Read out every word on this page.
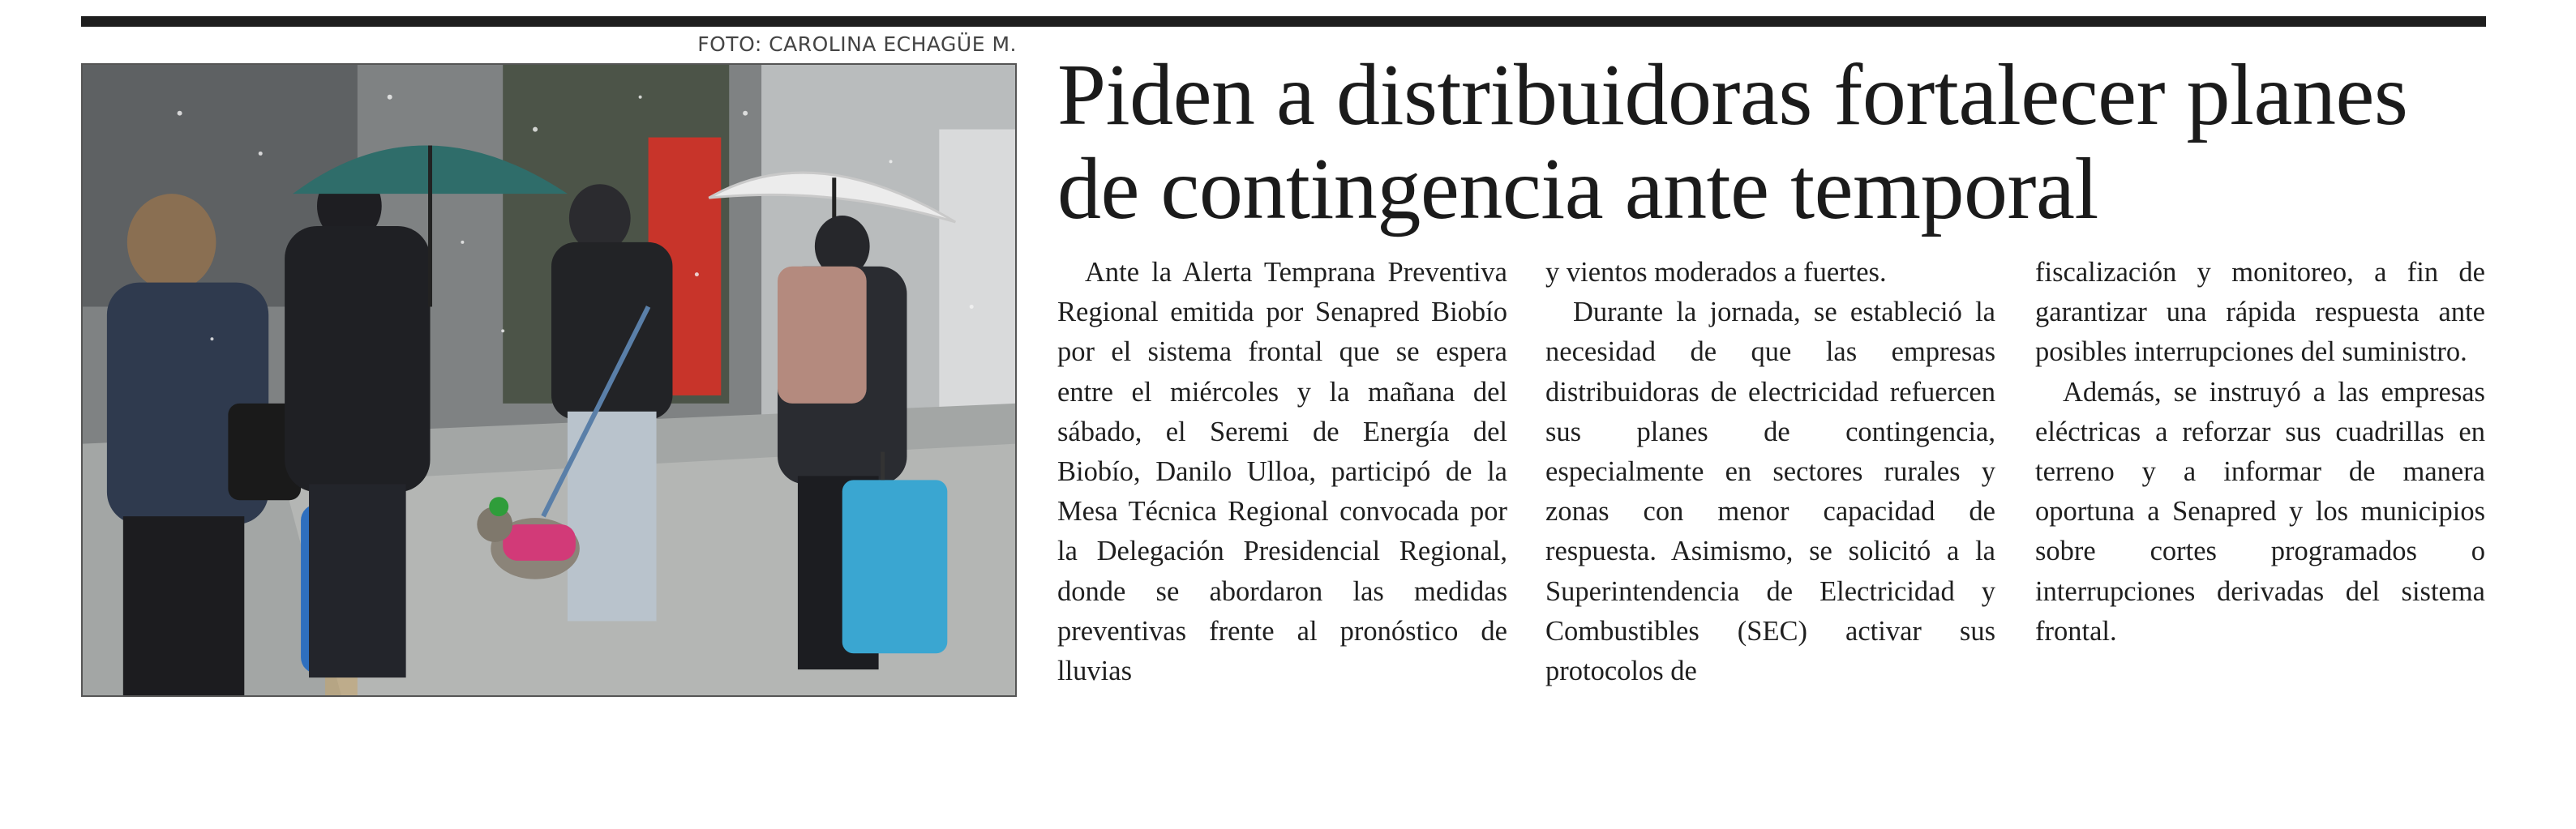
FOTO: CAROLINA ECHAGÜE M.
Piden a distribuidoras fortalecer planes de contingencia ante temporal

Ante la Alerta Temprana Preventiva Regional emitida por Senapred Biobío por el sistema frontal que se espera entre el miércoles y la mañana del sábado, el Seremi de Energía del Biobío, Danilo Ulloa, participó de la Mesa Técnica Regional convocada por la Delegación Presidencial Regional, donde se abordaron las medidas preventivas frente al pronóstico de lluvias

y vientos moderados a fuertes.

Durante la jornada, se estableció la necesidad de que las empresas distribuidoras de electricidad refuercen sus planes de contingencia, especialmente en sectores rurales y zonas con menor capacidad de respuesta. Asimismo, se solicitó a la Superintendencia de Electricidad y Combustibles (SEC) activar sus protocolos de

fiscalización y monitoreo, a fin de garantizar una rápida respuesta ante posibles interrupciones del suministro.

Además, se instruyó a las empresas eléctricas a reforzar sus cuadrillas en terreno y a informar de manera oportuna a Senapred y los municipios sobre cortes programados o interrupciones derivadas del sistema frontal.
